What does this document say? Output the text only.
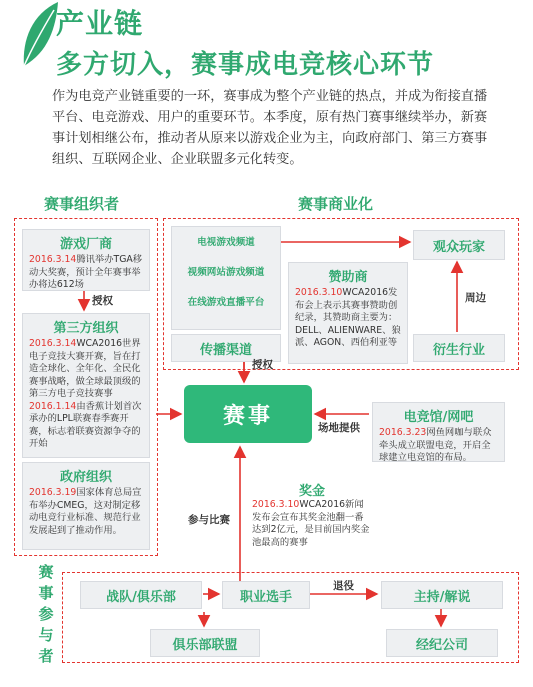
产业链
多方切入，赛事成电竞核心环节
作为电竞产业链重要的一环，赛事成为整个产业链的热点，并成为衔接直播平台、电竞游戏、用户的重要环节。本季度，原有热门赛事继续举办，新赛事计划相继公布，推动者从原来以游戏企业为主，向政府部门、第三方赛事组织、互联网企业、企业联盟多元化转变。
赛事组织者	赛事商业化
游戏厂商
2016.3.14腾讯举办TGA移动大奖赛，预计全年赛事举办将达612场
授权
第三方组织
2016.3.14WCA2016世界电子竞技大赛开赛，旨在打造全球化、全年化、全民化赛事战略，做全球最顶级的第三方电子竞技赛事
2016.1.14由香蕉计划首次承办的LPL联赛春季赛开赛，标志着联赛资源争夺的开始
政府组织
2016.3.19国家体育总局宣布举办CMEG，这对制定移动电竞行业标准、规范行业发展起到了推动作用。
电视游戏频道
视频网站游戏频道
在线游戏直播平台
传播渠道
赞助商
2016.3.10WCA2016发布会上表示其赛事赞助创纪录，其赞助商主要为：DELL、ALIENWARE、狼派、AGON、西伯利亚等
观众玩家
周边
衍生行业
赛事
授权
场地提供
参与比赛
电竞馆/网吧
2016.3.23网鱼网咖与联众牵头成立联盟电竞，开启全球建立电竞馆的布局。
奖金
2016.3.10WCA2016新闻发布会宣布其奖金池翻一番达到2亿元，是目前国内奖金池最高的赛事
赛
事
参
与
者
战队/俱乐部	职业选手
退役
主持/解说
俱乐部联盟	经纪公司
